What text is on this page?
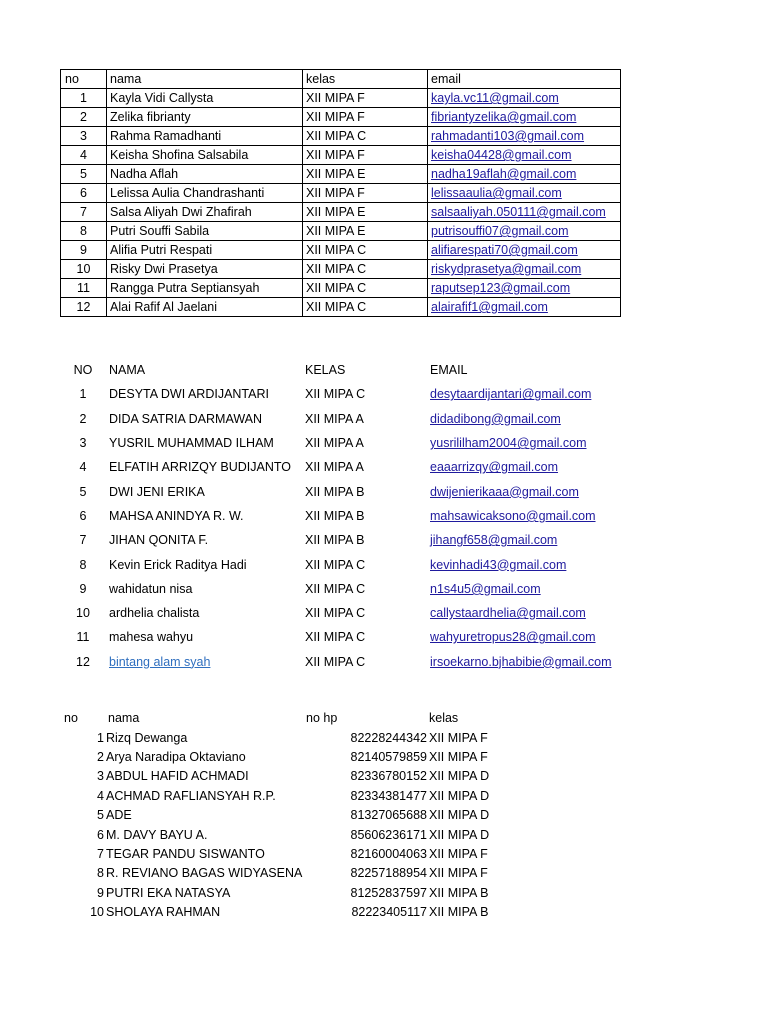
no	nama	kelas	email
1	Kayla Vidi Callysta	XII MIPA F	kayla.vc11@gmail.com
2	Zelika fibrianty	XII MIPA F	fibriantyzelika@gmail.com
3	Rahma Ramadhanti	XII MIPA C	rahmadanti103@gmail.com
4	Keisha Shofina Salsabila	XII MIPA F	keisha04428@gmail.com
5	Nadha Aflah	XII MIPA E	nadha19aflah@gmail.com
6	Lelissa Aulia Chandrashanti	XII MIPA F	lelissaaulia@gmail.com
7	Salsa Aliyah Dwi Zhafirah	XII MIPA E	salsaaliyah.050111@gmail.com
8	Putri Souffi Sabila	XII MIPA E	putrisouffi07@gmail.com
9	Alifia Putri Respati	XII MIPA C	alifiarespati70@gmail.com
10	Risky Dwi Prasetya	XII MIPA C	riskydprasetya@gmail.com
11	Rangga Putra Septiansyah	XII MIPA C	raputsep123@gmail.com
12	Alai Rafif Al Jaelani	XII MIPA C	alairafif1@gmail.com
NO	NAMA	KELAS	EMAIL
1	DESYTA DWI ARDIJANTARI	XII MIPA C	desytaardijantari@gmail.com
2	DIDA SATRIA DARMAWAN	XII MIPA A	didadibong@gmail.com
3	YUSRIL MUHAMMAD ILHAM	XII MIPA A	yusrililham2004@gmail.com
4	ELFATIH ARRIZQY BUDIJANTO	XII MIPA A	eaaarrizqy@gmail.com
5	DWI JENI ERIKA	XII MIPA B	dwijenierikaaa@gmail.com
6	MAHSA ANINDYA R. W.	XII MIPA B	mahsawicaksono@gmail.com
7	JIHAN QONITA F.	XII MIPA B	jihangf658@gmail.com
8	Kevin Erick Raditya Hadi	XII MIPA C	kevinhadi43@gmail.com
9	wahidatun nisa	XII MIPA C	n1s4u5@gmail.com
10	ardhelia chalista	XII MIPA C	callystaardhelia@gmail.com
11	mahesa wahyu	XII MIPA C	wahyuretropus28@gmail.com
12	bintang alam syah	XII MIPA C	irsoekarno.bjhabibie@gmail.com
no	nama	no hp	kelas
1	Rizq Dewanga	82228244342	XII MIPA F
2	Arya Naradipa Oktaviano	82140579859	XII MIPA F
3	ABDUL HAFID ACHMADI	82336780152	XII MIPA D
4	ACHMAD RAFLIANSYAH R.P.	82334381477	XII MIPA D
5	ADE	81327065688	XII MIPA D
6	M. DAVY BAYU A.	85606236171	XII MIPA D
7	TEGAR PANDU SISWANTO	82160004063	XII MIPA F
8	R. REVIANO BAGAS WIDYASENA	82257188954	XII MIPA F
9	PUTRI EKA NATASYA	81252837597	XII MIPA B
10	SHOLAYA RAHMAN	82223405117	XII MIPA B
